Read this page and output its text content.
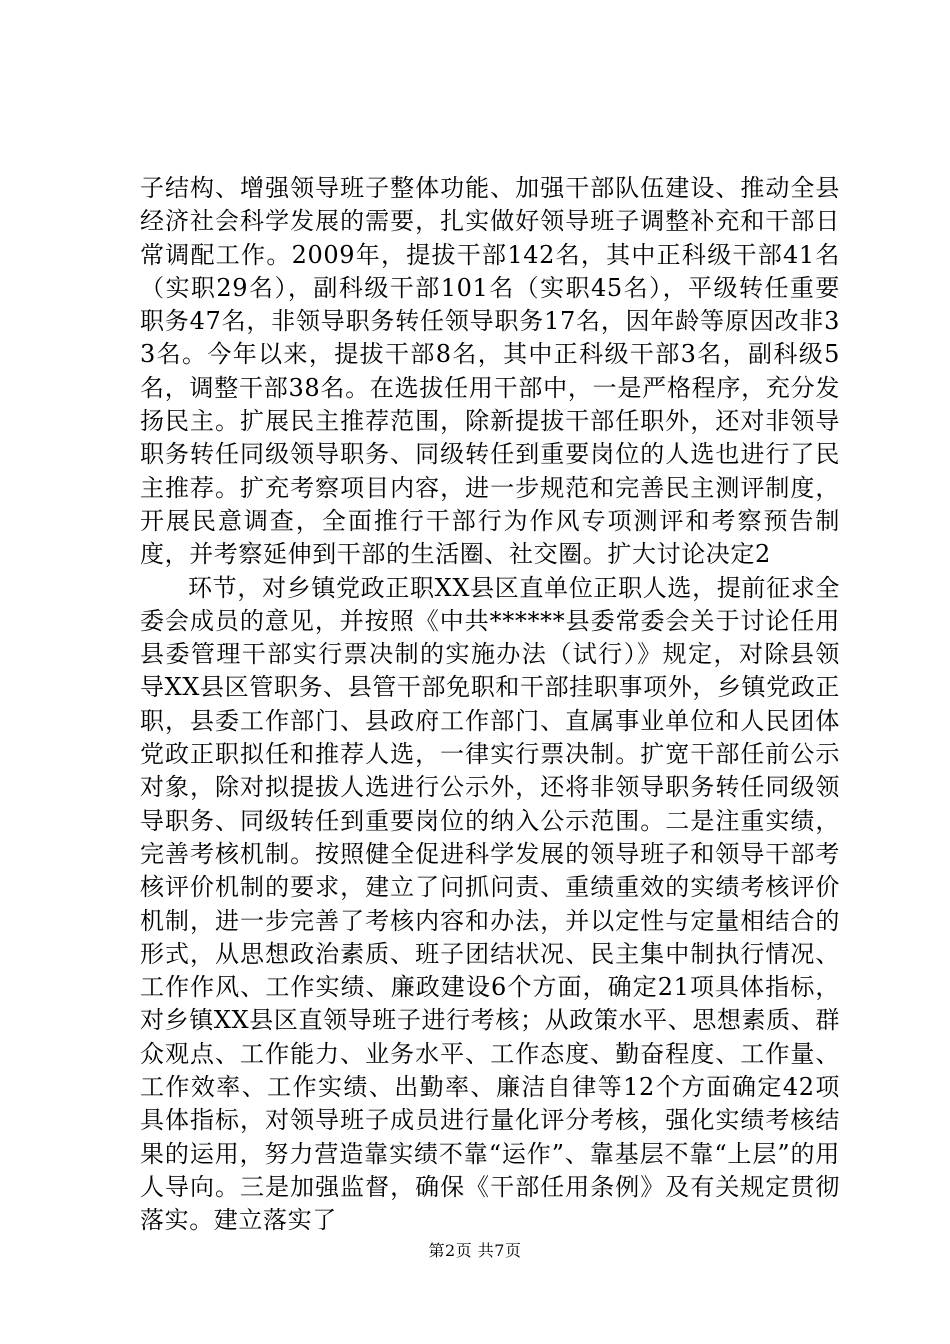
子结构、增强领导班子整体功能、加强干部队伍建设、推动全县经济社会科学发展的需要，扎实做好领导班子调整补充和干部日常调配工作。2009年，提拔干部142名，其中正科级干部41名（实职29名），副科级干部101名（实职45名），平级转任重要职务47名，非领导职务转任领导职务17名，因年龄等原因改非33名。今年以来，提拔干部8名，其中正科级干部3名，副科级5名，调整干部38名。在选拔任用干部中，一是严格程序，充分发扬民主。扩展民主推荐范围，除新提拔干部任职外，还对非领导职务转任同级领导职务、同级转任到重要岗位的人选也进行了民主推荐。扩充考察项目内容，进一步规范和完善民主测评制度，开展民意调查，全面推行干部行为作风专项测评和考察预告制度，并考察延伸到干部的生活圈、社交圈。扩大讨论决定2

环节，对乡镇党政正职XX县区直单位正职人选，提前征求全委会成员的意见，并按照《中共******县委常委会关于讨论任用县委管理干部实行票决制的实施办法（试行）》规定，对除县领导XX县区管职务、县管干部免职和干部挂职事项外，乡镇党政正职，县委工作部门、县政府工作部门、直属事业单位和人民团体党政正职拟任和推荐人选，一律实行票决制。扩宽干部任前公示对象，除对拟提拔人选进行公示外，还将非领导职务转任同级领导职务、同级转任到重要岗位的纳入公示范围。二是注重实绩，完善考核机制。按照健全促进科学发展的领导班子和领导干部考核评价机制的要求，建立了问抓问责、重绩重效的实绩考核评价机制，进一步完善了考核内容和办法，并以定性与定量相结合的形式，从思想政治素质、班子团结状况、民主集中制执行情况、工作作风、工作实绩、廉政建设6个方面，确定21项具体指标，对乡镇XX县区直领导班子进行考核；从政策水平、思想素质、群众观点、工作能力、业务水平、工作态度、勤奋程度、工作量、工作效率、工作实绩、出勤率、廉洁自律等12个方面确定42项具体指标，对领导班子成员进行量化评分考核，强化实绩考核结果的运用，努力营造靠实绩不靠“运作”、靠基层不靠“上层”的用人导向。三是加强监督，确保《干部任用条例》及有关规定贯彻落实。建立落实了

第2页 共7页
